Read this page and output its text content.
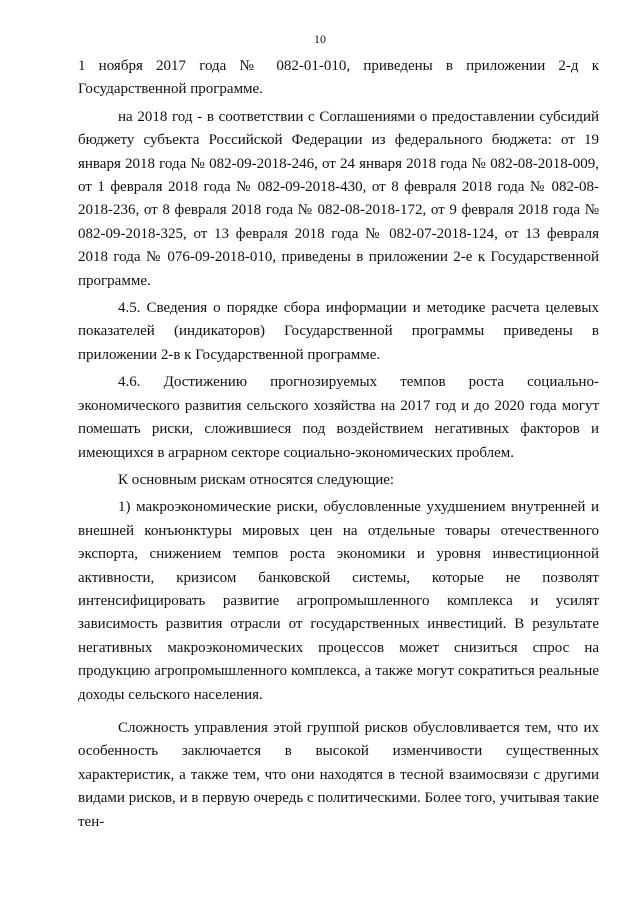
10

1 ноября 2017 года № 082-01-010, приведены в приложении 2-д к Государственной программе.

на 2018 год - в соответствии с Соглашениями о предоставлении субсидий бюджету субъекта Российской Федерации из федерального бюджета: от 19 января 2018 года № 082-09-2018-246, от 24 января 2018 года № 082-08-2018-009, от 1 февраля 2018 года № 082-09-2018-430, от 8 февраля 2018 года № 082-08-2018-236, от 8 февраля 2018 года № 082-08-2018-172, от 9 февраля 2018 года № 082-09-2018-325, от 13 февраля 2018 года № 082-07-2018-124, от 13 февраля 2018 года № 076-09-2018-010, приведены в приложении 2-е к Государственной программе.

4.5. Сведения о порядке сбора информации и методике расчета целевых показателей (индикаторов) Государственной программы приведены в приложении 2-в к Государственной программе.

4.6. Достижению прогнозируемых темпов роста социально-экономического развития сельского хозяйства на 2017 год и до 2020 года могут помешать риски, сложившиеся под воздействием негативных факторов и имеющихся в аграрном секторе социально-экономических проблем.

К основным рискам относятся следующие:

1) макроэкономические риски, обусловленные ухудшением внутренней и внешней конъюнктуры мировых цен на отдельные товары отечественного экспорта, снижением темпов роста экономики и уровня инвестиционной активности, кризисом банковской системы, которые не позволят интенсифицировать развитие агропромышленного комплекса и усилят зависимость развития отрасли от государственных инвестиций. В результате негативных макроэкономических процессов может снизиться спрос на продукцию агропромышленного комплекса, а также могут сократиться реальные доходы сельского населения.

Сложность управления этой группой рисков обусловливается тем, что их особенность заключается в высокой изменчивости существенных характеристик, а также тем, что они находятся в тесной взаимосвязи с другими видами рисков, и в первую очередь с политическими. Более того, учитывая такие тен-
